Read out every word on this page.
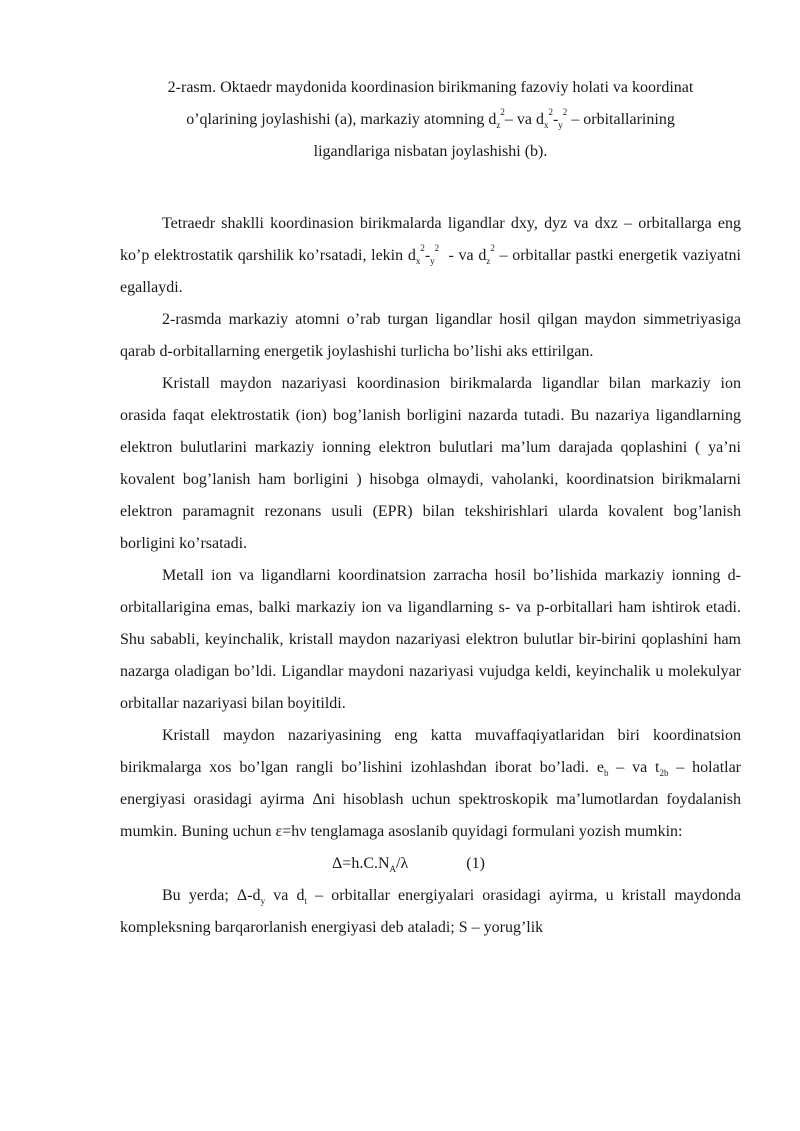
2-rasm. Oktaedr maydonida koordinasion birikmaning fazoviy holati va koordinat
o’qlarining joylashishi (a), markaziy atomning $d_z^2-$ va $d_x^2-_y^2$ – orbitallarining
ligandlariga nisbatan joylashishi (b).

Tetraedr shaklli koordinasion birikmalarda ligandlar dxy, dyz va dxz – orbitallarga eng ko’p elektrostatik qarshilik ko’rsatadi, lekin $d_x^2-_y^2$  - va $d_z^2$ – orbitallar pastki energetik vaziyatni egallaydi.

2-rasmda markaziy atomni o’rab turgan ligandlar hosil qilgan maydon simmetriyasiga qarab d-orbitallarning energetik joylashishi turlicha bo’lishi aks ettirilgan.

Kristall maydon nazariyasi koordinasion birikmalarda ligandlar bilan markaziy ion orasida faqat elektrostatik (ion) bog’lanish borligini nazarda tutadi. Bu nazariya ligandlarning elektron bulutlarini markaziy ionning elektron bulutlari ma’lum darajada qoplashini ( ya’ni kovalent bog’lanish ham borligini ) hisobga olmaydi, vaholanki, koordinatsion birikmalarni elektron paramagnit rezonans usuli (EPR) bilan tekshirishlari ularda kovalent bog’lanish borligini ko’rsatadi.

Metall ion va ligandlarni koordinatsion zarracha hosil bo’lishida markaziy ionning d-orbitallarigina emas, balki markaziy ion va ligandlarning s- va p-orbitallari ham ishtirok etadi. Shu sababli, keyinchalik, kristall maydon nazariyasi elektron bulutlar bir-birini qoplashini ham nazarga oladigan bo’ldi. Ligandlar maydoni nazariyasi vujudga keldi, keyinchalik u molekulyar orbitallar nazariyasi bilan boyitildi.

Kristall maydon nazariyasining eng katta muvaffaqiyatlaridan biri koordinatsion birikmalarga xos bo’lgan rangli bo’lishini izohlashdan iborat bo’ladi. $e_b$ – va $t_{2b}$ – holatlar energiyasi orasidagi ayirma Δni hisoblash uchun spektroskopik ma’lumotlardan foydalanish mumkin. Buning uchun ε=hν tenglamaga asoslanib quyidagi formulani yozish mumkin:

$\Delta=h.C.N_A/\lambda$	(1)

Bu yerda; $\Delta-d_y$ va $d_t$ – orbitallar energiyalari orasidagi ayirma, u kristall maydonda kompleksning barqarorlanish energiyasi deb ataladi; S – yorug’lik
